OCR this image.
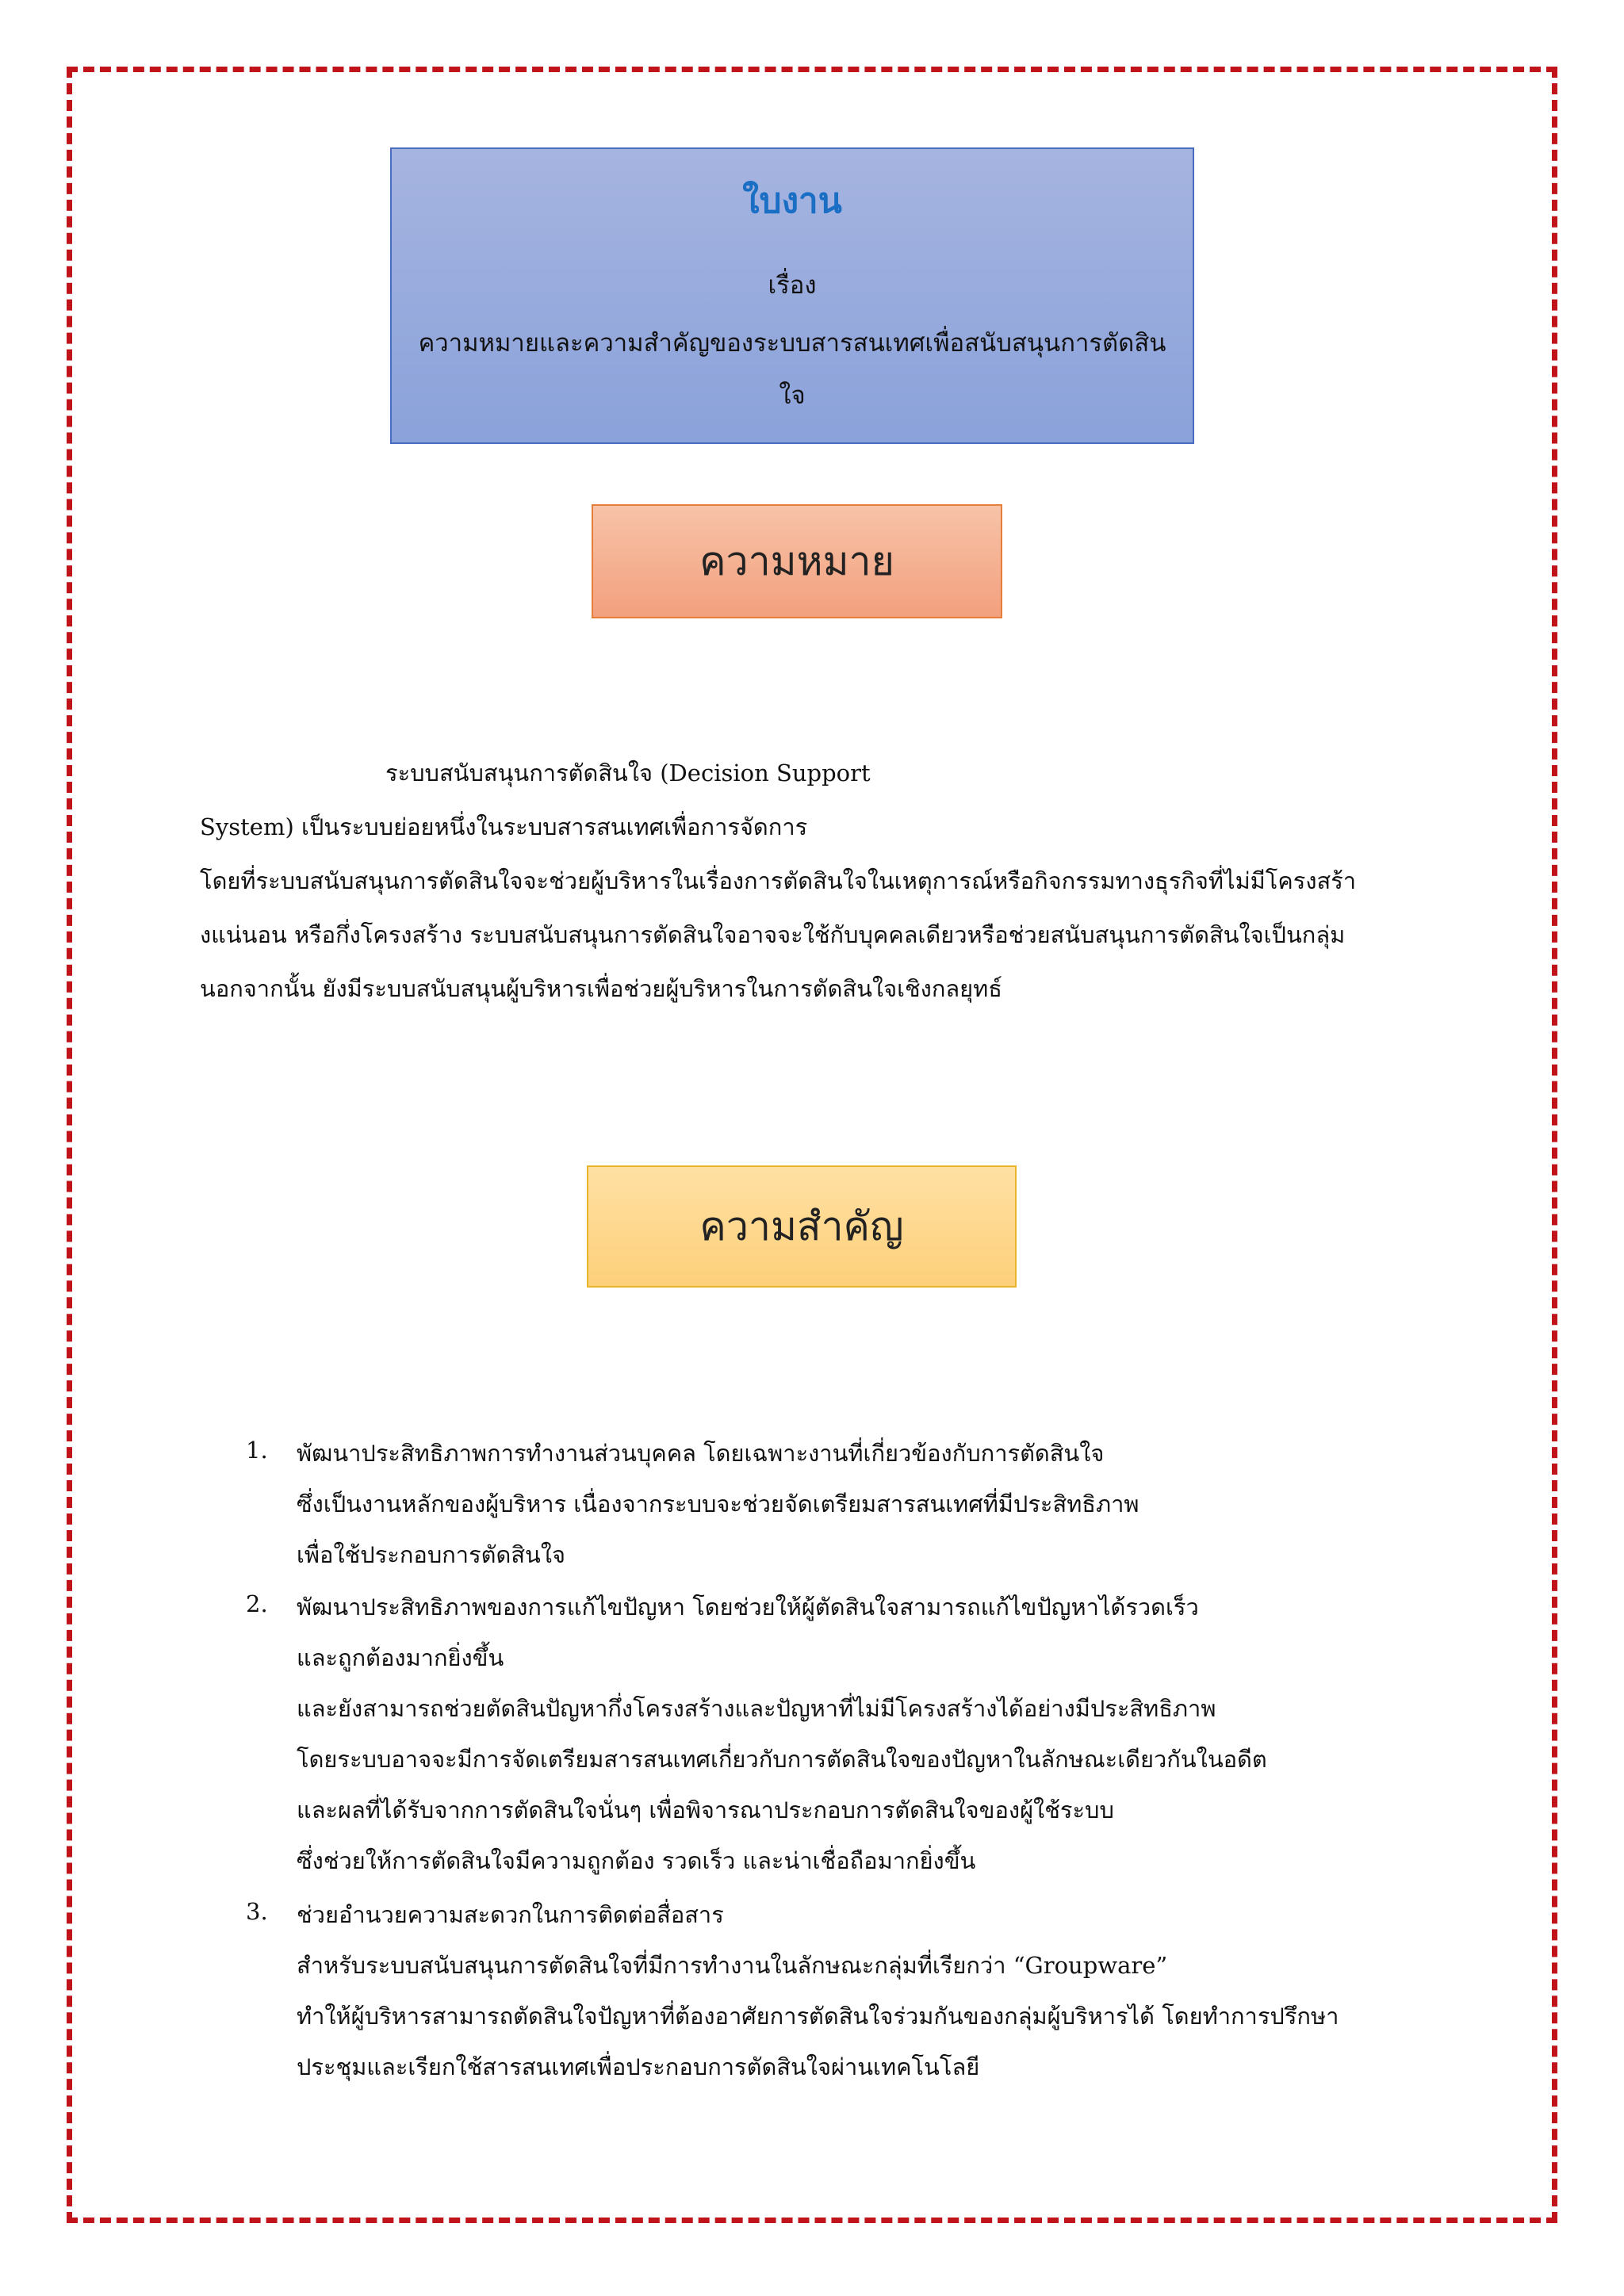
ใบงาน
เรื่อง
ความหมายและความสำคัญของระบบสารสนเทศเพื่อสนับสนุนการตัดสินใจ
ความหมาย
ระบบสนับสนุนการตัดสินใจ (Decision Support
System) เป็นระบบย่อยหนึ่งในระบบสารสนเทศเพื่อการจัดการ
โดยที่ระบบสนับสนุนการตัดสินใจจะช่วยผู้บริหารในเรื่องการตัดสินใจในเหตุการณ์หรือกิจกรรมทางธุรกิจที่ไม่มีโครงสร้า
งแน่นอน หรือกึ่งโครงสร้าง ระบบสนับสนุนการตัดสินใจอาจจะใช้กับบุคคลเดียวหรือช่วยสนับสนุนการตัดสินใจเป็นกลุ่ม
นอกจากนั้น ยังมีระบบสนับสนุนผู้บริหารเพื่อช่วยผู้บริหารในการตัดสินใจเชิงกลยุทธ์
ความสำคัญ
1. พัฒนาประสิทธิภาพการทำงานส่วนบุคคล โดยเฉพาะงานที่เกี่ยวข้องกับการตัดสินใจ
ซึ่งเป็นงานหลักของผู้บริหาร เนื่องจากระบบจะช่วยจัดเตรียมสารสนเทศที่มีประสิทธิภาพ
เพื่อใช้ประกอบการตัดสินใจ
2. พัฒนาประสิทธิภาพของการแก้ไขปัญหา โดยช่วยให้ผู้ตัดสินใจสามารถแก้ไขปัญหาได้รวดเร็ว
และถูกต้องมากยิ่งขึ้น
และยังสามารถช่วยตัดสินปัญหากึ่งโครงสร้างและปัญหาที่ไม่มีโครงสร้างได้อย่างมีประสิทธิภาพ
โดยระบบอาจจะมีการจัดเตรียมสารสนเทศเกี่ยวกับการตัดสินใจของปัญหาในลักษณะเดียวกันในอดีต
และผลที่ได้รับจากการตัดสินใจนั่นๆ เพื่อพิจารณาประกอบการตัดสินใจของผู้ใช้ระบบ
ซึ่งช่วยให้การตัดสินใจมีความถูกต้อง รวดเร็ว และน่าเชื่อถือมากยิ่งขึ้น
3. ช่วยอำนวยความสะดวกในการติดต่อสื่อสาร
สำหรับระบบสนับสนุนการตัดสินใจที่มีการทำงานในลักษณะกลุ่มที่เรียกว่า “Groupware”
ทำให้ผู้บริหารสามารถตัดสินใจปัญหาที่ต้องอาศัยการตัดสินใจร่วมกันของกลุ่มผู้บริหารได้ โดยทำการปรึกษา
ประชุมและเรียกใช้สารสนเทศเพื่อประกอบการตัดสินใจผ่านเทคโนโลยี
